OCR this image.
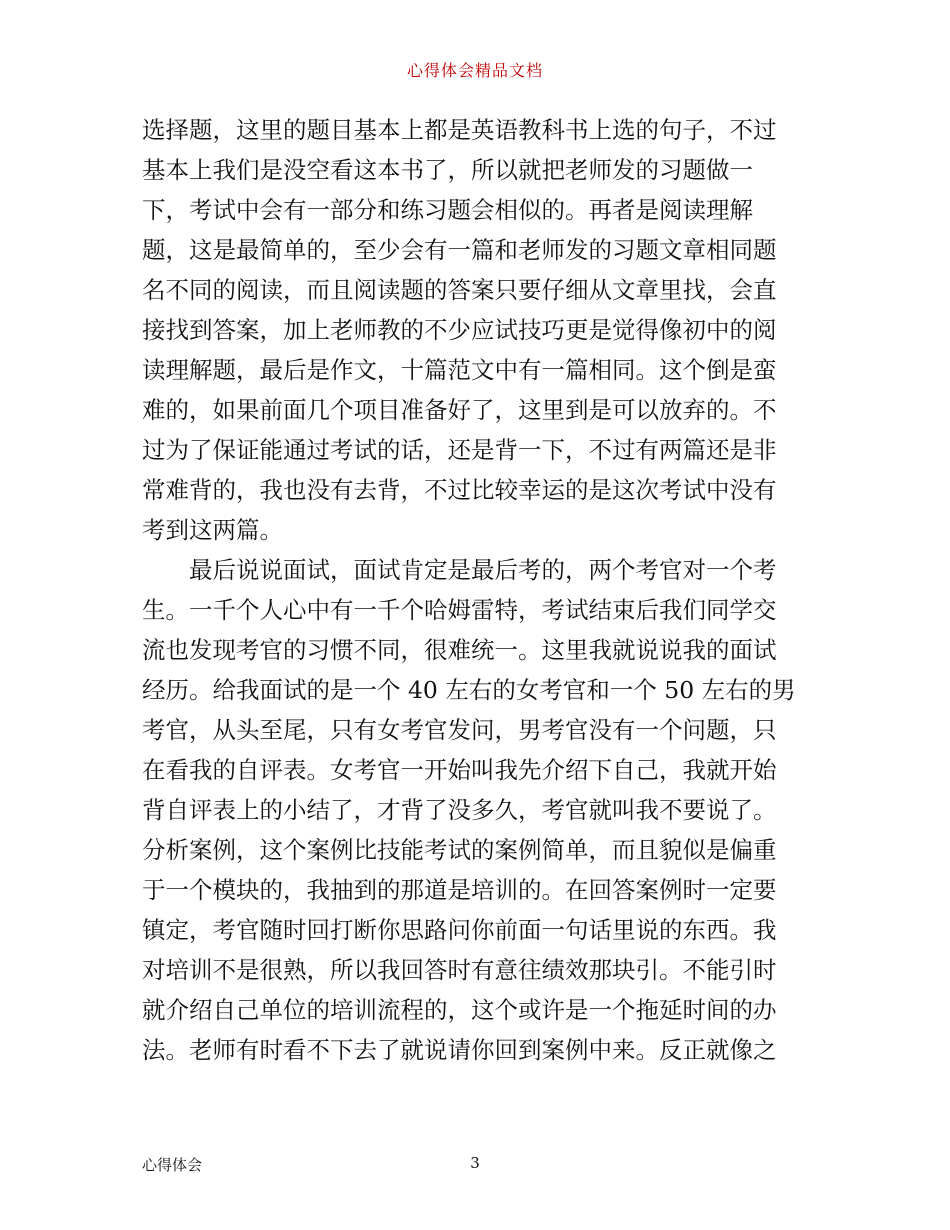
心得体会精品文档
选择题，这里的题目基本上都是英语教科书上选的句子，不过
基本上我们是没空看这本书了，所以就把老师发的习题做一
下，考试中会有一部分和练习题会相似的。再者是阅读理解
题，这是最简单的，至少会有一篇和老师发的习题文章相同题
名不同的阅读，而且阅读题的答案只要仔细从文章里找，会直
接找到答案，加上老师教的不少应试技巧更是觉得像初中的阅
读理解题，最后是作文，十篇范文中有一篇相同。这个倒是蛮
难的，如果前面几个项目准备好了，这里到是可以放弃的。不
过为了保证能通过考试的话，还是背一下，不过有两篇还是非
常难背的，我也没有去背，不过比较幸运的是这次考试中没有
考到这两篇。
最后说说面试，面试肯定是最后考的，两个考官对一个考
生。一千个人心中有一千个哈姆雷特，考试结束后我们同学交
流也发现考官的习惯不同，很难统一。这里我就说说我的面试
经历。给我面试的是一个 40 左右的女考官和一个 50 左右的男
考官，从头至尾，只有女考官发问，男考官没有一个问题，只
在看我的自评表。女考官一开始叫我先介绍下自己，我就开始
背自评表上的小结了，才背了没多久，考官就叫我不要说了。
分析案例，这个案例比技能考试的案例简单，而且貌似是偏重
于一个模块的，我抽到的那道是培训的。在回答案例时一定要
镇定，考官随时回打断你思路问你前面一句话里说的东西。我
对培训不是很熟，所以我回答时有意往绩效那块引。不能引时
就介绍自己单位的培训流程的，这个或许是一个拖延时间的办
法。老师有时看不下去了就说请你回到案例中来。反正就像之
心得体会	3
